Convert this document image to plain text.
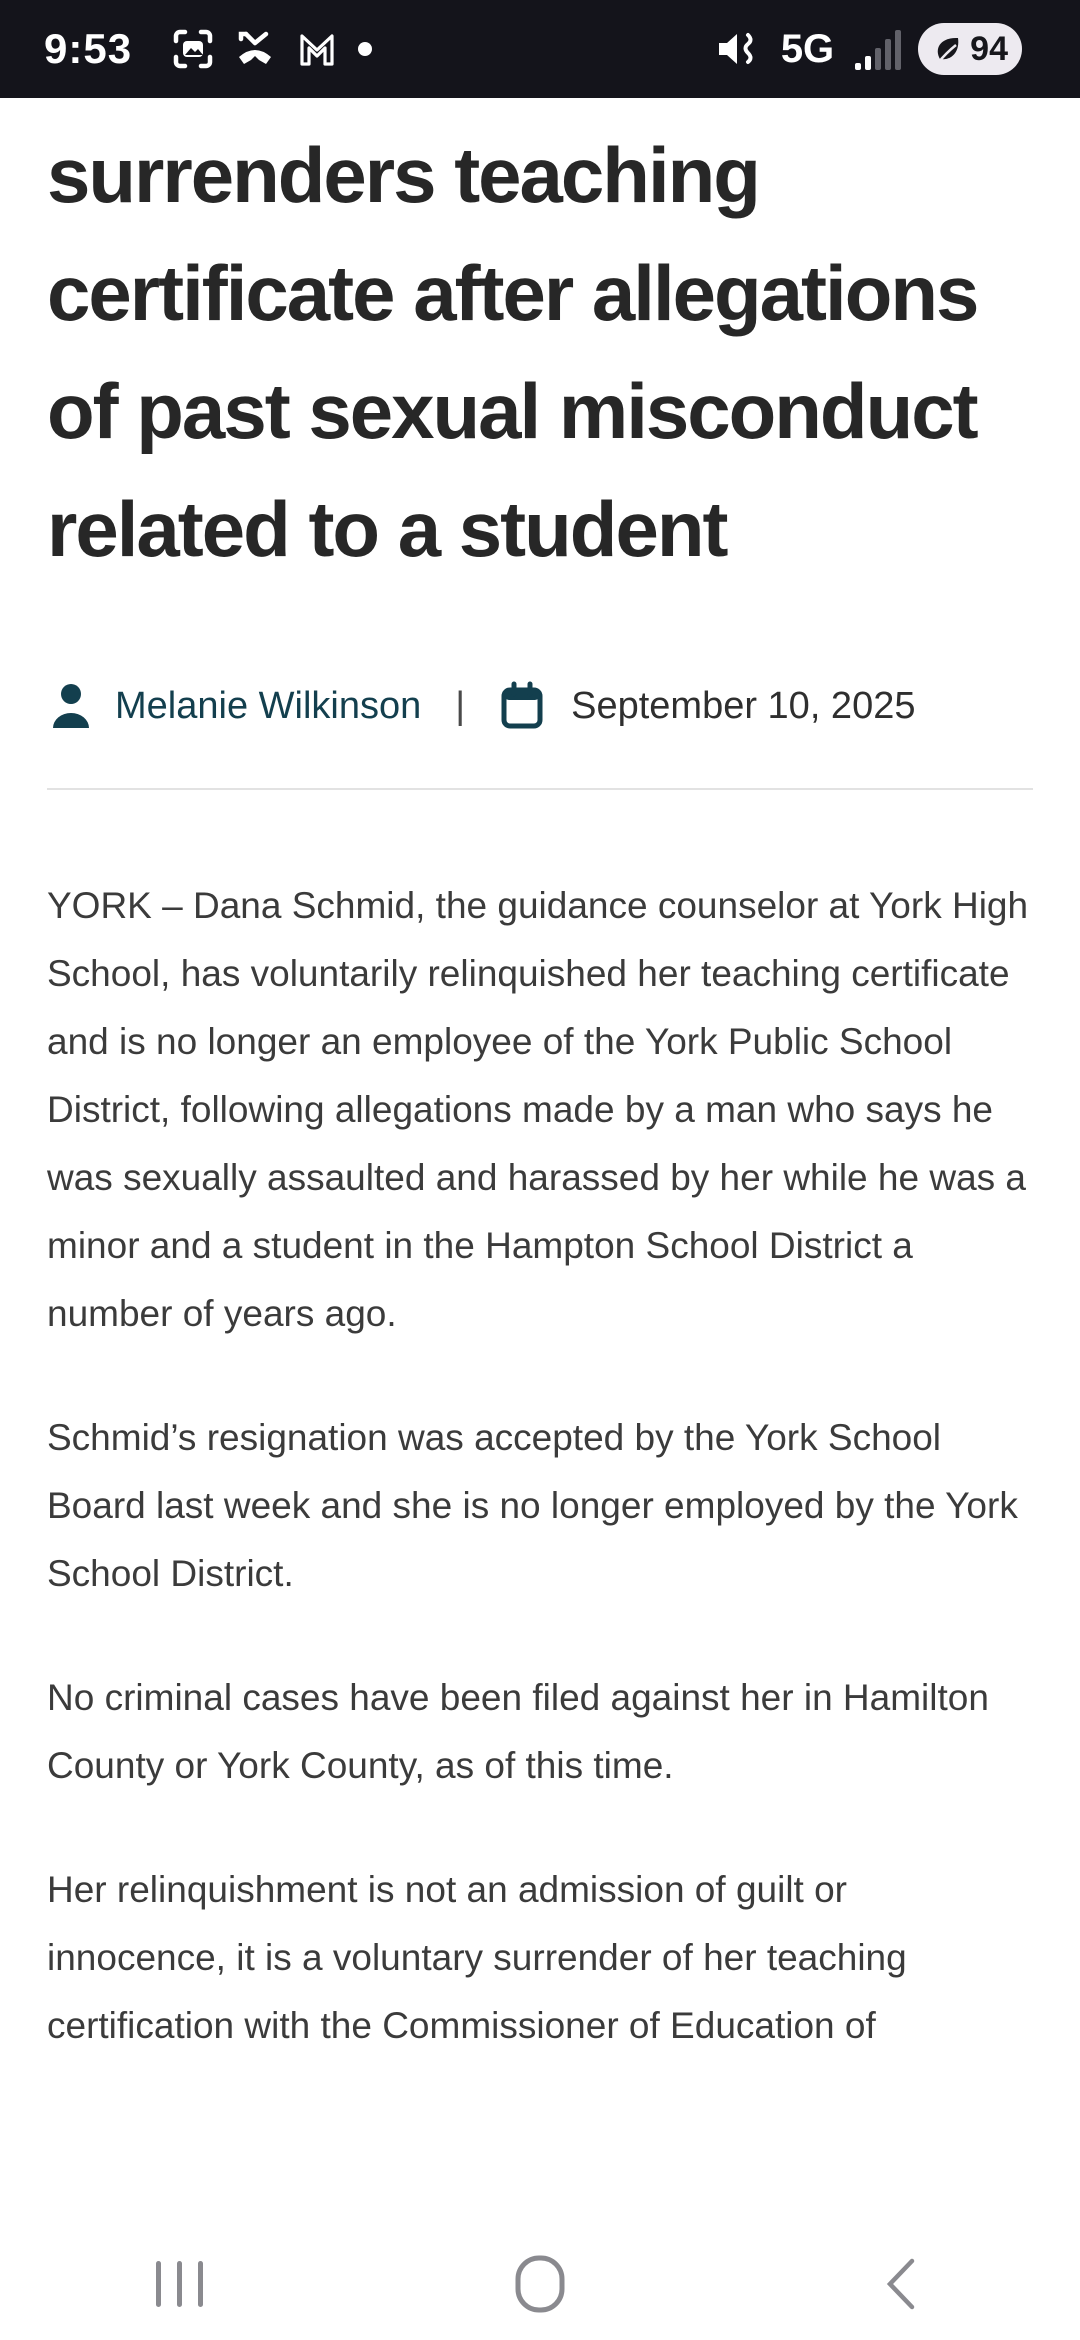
9:53	5G	94
surrenders teaching certificate after allegations of past sexual misconduct related to a student
Melanie Wilkinson |	September 10, 2025

YORK – Dana Schmid, the guidance counselor at York High School, has voluntarily relinquished her teaching certificate and is no longer an employee of the York Public School District, following allegations made by a man who says he was sexually assaulted and harassed by her while he was a minor and a student in the Hampton School District a number of years ago.

Schmid’s resignation was accepted by the York School Board last week and she is no longer employed by the York School District.

No criminal cases have been filed against her in Hamilton County or York County, as of this time.

Her relinquishment is not an admission of guilt or innocence, it is a voluntary surrender of her teaching certification with the Commissioner of Education of
